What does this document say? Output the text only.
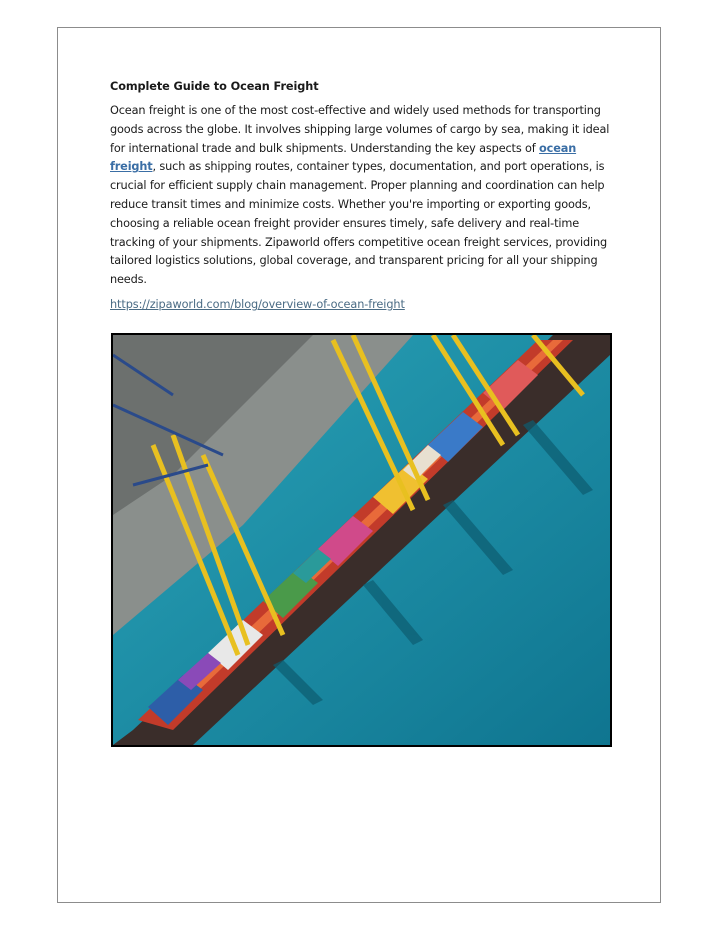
Complete Guide to Ocean Freight

Ocean freight is one of the most cost-effective and widely used methods for transporting goods across the globe. It involves shipping large volumes of cargo by sea, making it ideal for international trade and bulk shipments. Understanding the key aspects of ocean freight, such as shipping routes, container types, documentation, and port operations, is crucial for efficient supply chain management. Proper planning and coordination can help reduce transit times and minimize costs. Whether you're importing or exporting goods, choosing a reliable ocean freight provider ensures timely, safe delivery and real-time tracking of your shipments. Zipaworld offers competitive ocean freight services, providing tailored logistics solutions, global coverage, and transparent pricing for all your shipping needs.

https://zipaworld.com/blog/overview-of-ocean-freight
